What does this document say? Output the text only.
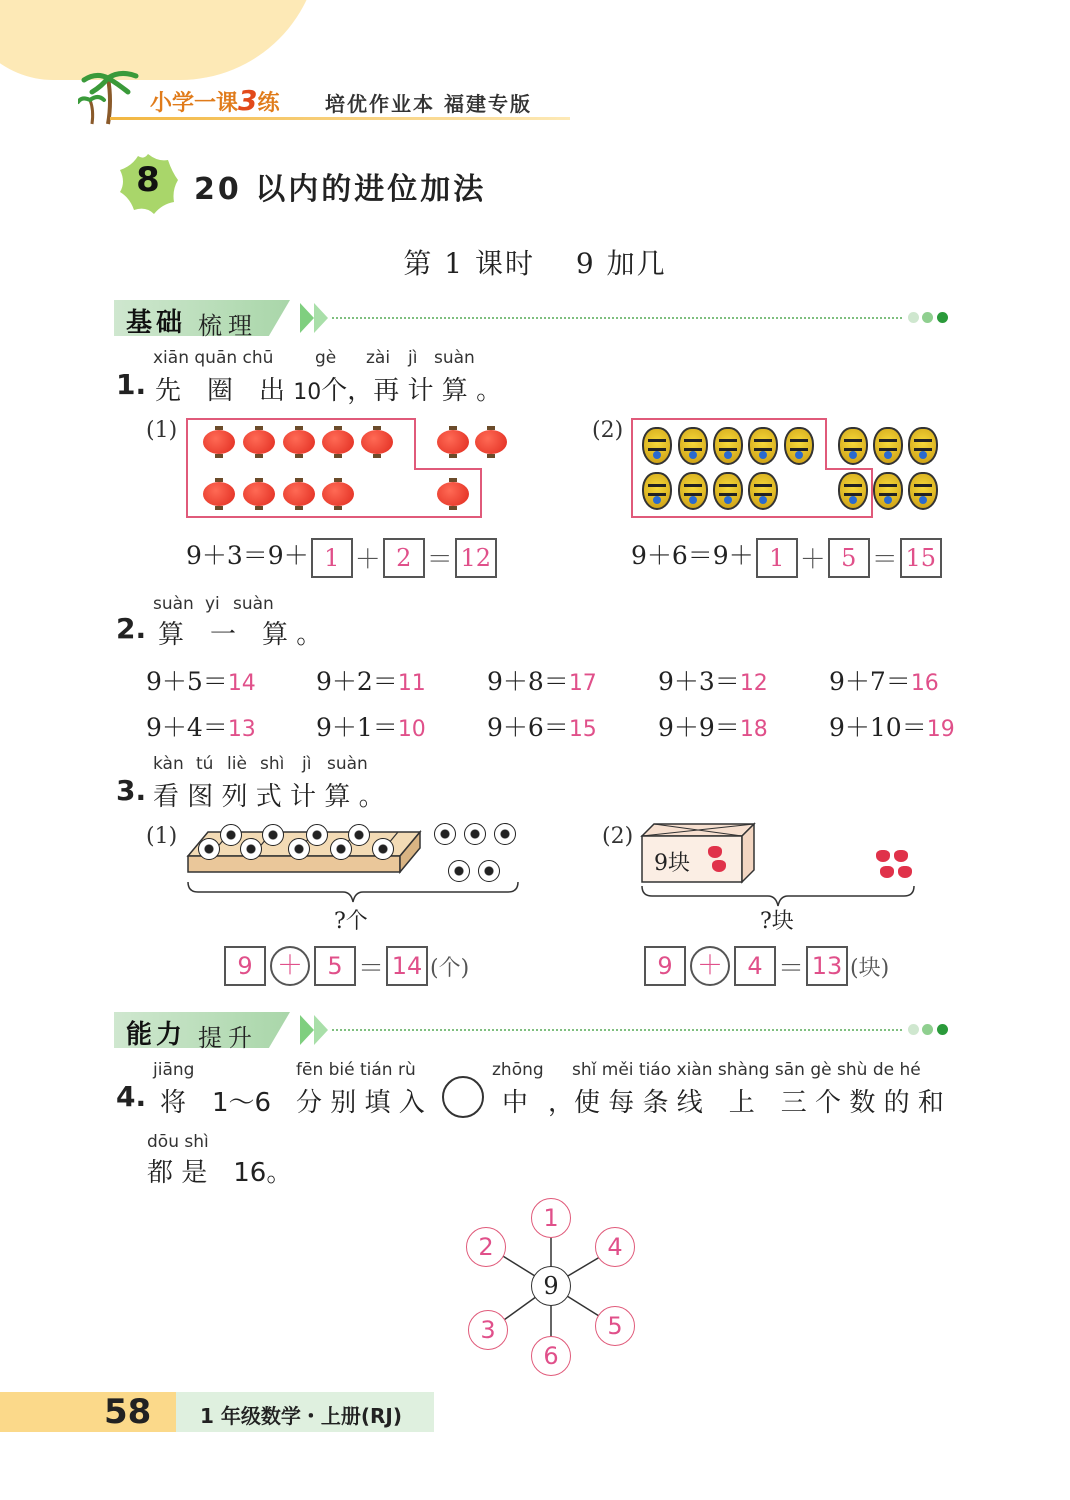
小学一课3练 培优作业本 福建专版
8	20 以内的进位加法
第 1 课时　 9 加几
基础 梳理
xiān quān chū gè zài jì suàn
1. 先　圈　出 10个，再 计 算 。
(1)	(2)
9＋3＝9＋ 1 ＋ 2 ＝ 12	9＋6＝9＋ 1 ＋ 5 ＝ 15
suàn yi suàn
2. 算　一　算 。
9＋5＝14 9＋2＝11 9＋8＝17 9＋3＝12 9＋7＝16
9＋4＝13 9＋1＝10 9＋6＝15 9＋9＝18 9＋10＝19
kàn tú liè shì jì suàn
3. 看 图 列 式 计 算 。
(1)
?个
(2)
9块
?块
9 ＋ 5 ＝ 14 (个)	9 ＋ 4 ＝ 13 (块)
能力 提升
jiāng	fēn bié tián rù	zhōng shǐ měi tiáo xiàn shàng sān gè shù de hé
4. 将　1～6 分 别 填 入	中 ，使 每 条 线　上　三 个 数 的 和
dōu shì
都 是　16。
9
1
4
5
6
3
2
58 1 年级数学・上册(RJ)
